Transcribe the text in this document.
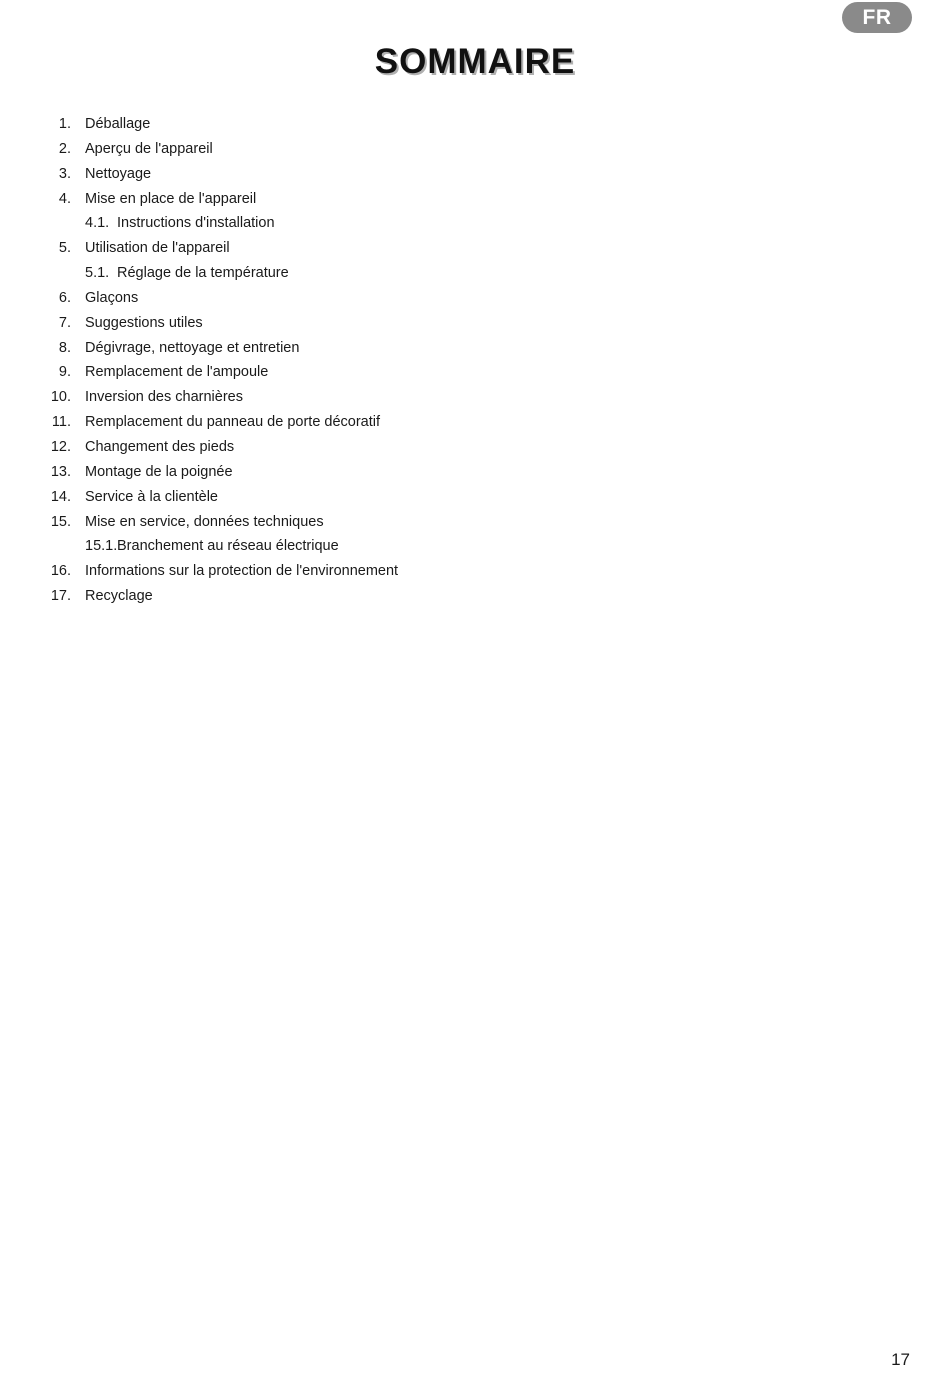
FR
SOMMAIRE
1. Déballage
2. Aperçu de l'appareil
3. Nettoyage
4. Mise en place de l'appareil
4.1. Instructions d'installation
5. Utilisation de l'appareil
5.1. Réglage de la température
6. Glaçons
7. Suggestions utiles
8. Dégivrage, nettoyage et entretien
9. Remplacement de l'ampoule
10. Inversion des charnières
11. Remplacement du panneau de porte décoratif
12. Changement des pieds
13. Montage de la poignée
14. Service à la clientèle
15. Mise en service, données techniques
15.1. Branchement au réseau électrique
16. Informations sur la protection de l'environnement
17. Recyclage
17
